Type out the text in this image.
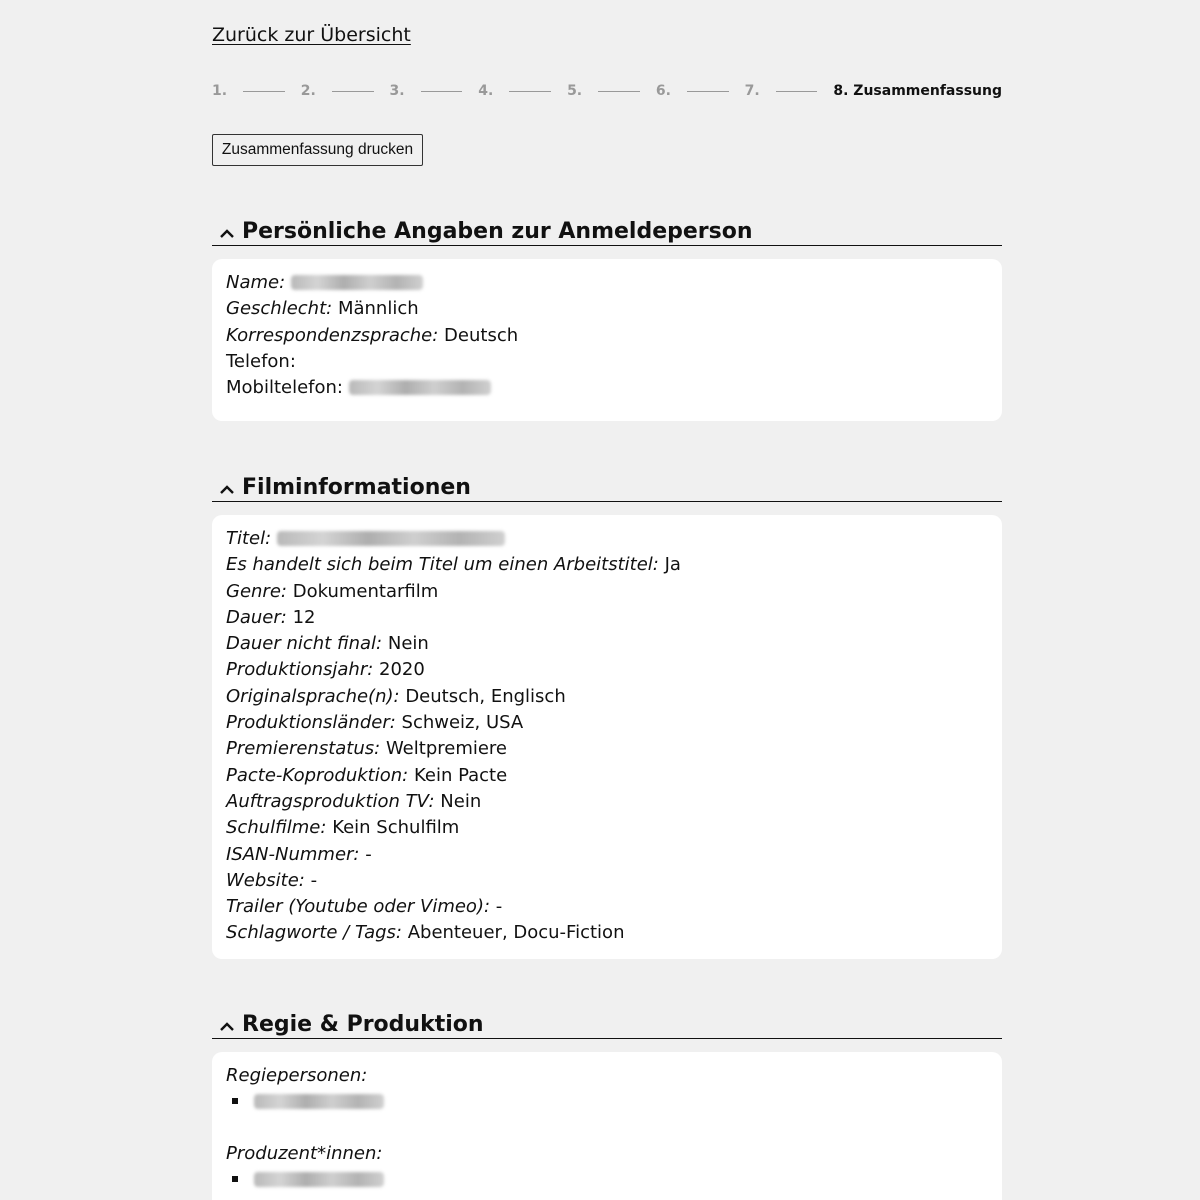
Zurück zur Übersicht
1.	2.	3.	4.	5.	6.	7.	8. Zusammenfassung
Zusammenfassung drucken
Persönliche Angaben zur Anmeldeperson
Name:
Geschlecht: Männlich
Korrespondenzsprache: Deutsch
Telefon:
Mobiltelefon:
Filminformationen
Titel:
Es handelt sich beim Titel um einen Arbeitstitel: Ja
Genre: Dokumentarfilm
Dauer: 12
Dauer nicht final: Nein
Produktionsjahr: 2020
Originalsprache(n): Deutsch, Englisch
Produktionsländer: Schweiz, USA
Premierenstatus: Weltpremiere
Pacte-Koproduktion: Kein Pacte
Auftragsproduktion TV: Nein
Schulfilme: Kein Schulfilm
ISAN-Nummer: -
Website: -
Trailer (Youtube oder Vimeo): -
Schlagworte / Tags: Abenteuer, Docu-Fiction
Regie & Produktion
Regiepersonen:
Produzent*innen:
